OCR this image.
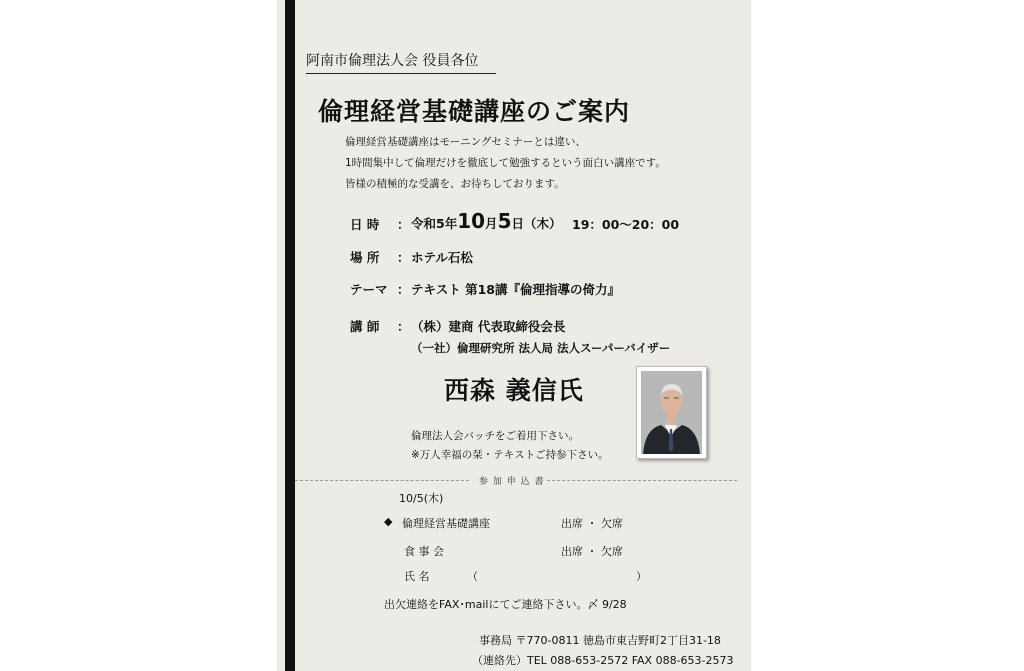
阿南市倫理法人会 役員各位
倫理経営基礎講座のご案内
倫理経営基礎講座はモーニングセミナーとは違い、
1時間集中して倫理だけを徹底して勉強するという面白い講座です。
皆様の積極的な受講を、お待ちしております。
日 時 ： 令和5年10月5日（木） 19：00～20：00
場 所 ： ホテル石松
テーマ ： テキスト 第18講『倫理指導の倚力』
講 師 ： （株）建商 代表取締役会長
（一社）倫理研究所 法人局 法人スーパーバイザー
西森 義信氏
倫理法人会バッチをご着用下さい。
※万人幸福の栞・テキストご持参下さい。
参 加 申 込 書
10/5(木)
◆ 倫理経営基礎講座	出席 ・ 欠席
食 事 会	出席 ・ 欠席
氏 名	（	）
出欠連絡をFAX･mailにてご連絡下さい。〆 9/28
事務局 〒770-0811 徳島市東吉野町2丁目31-18
（連絡先）TEL 088-653-2572 FAX 088-653-2573
